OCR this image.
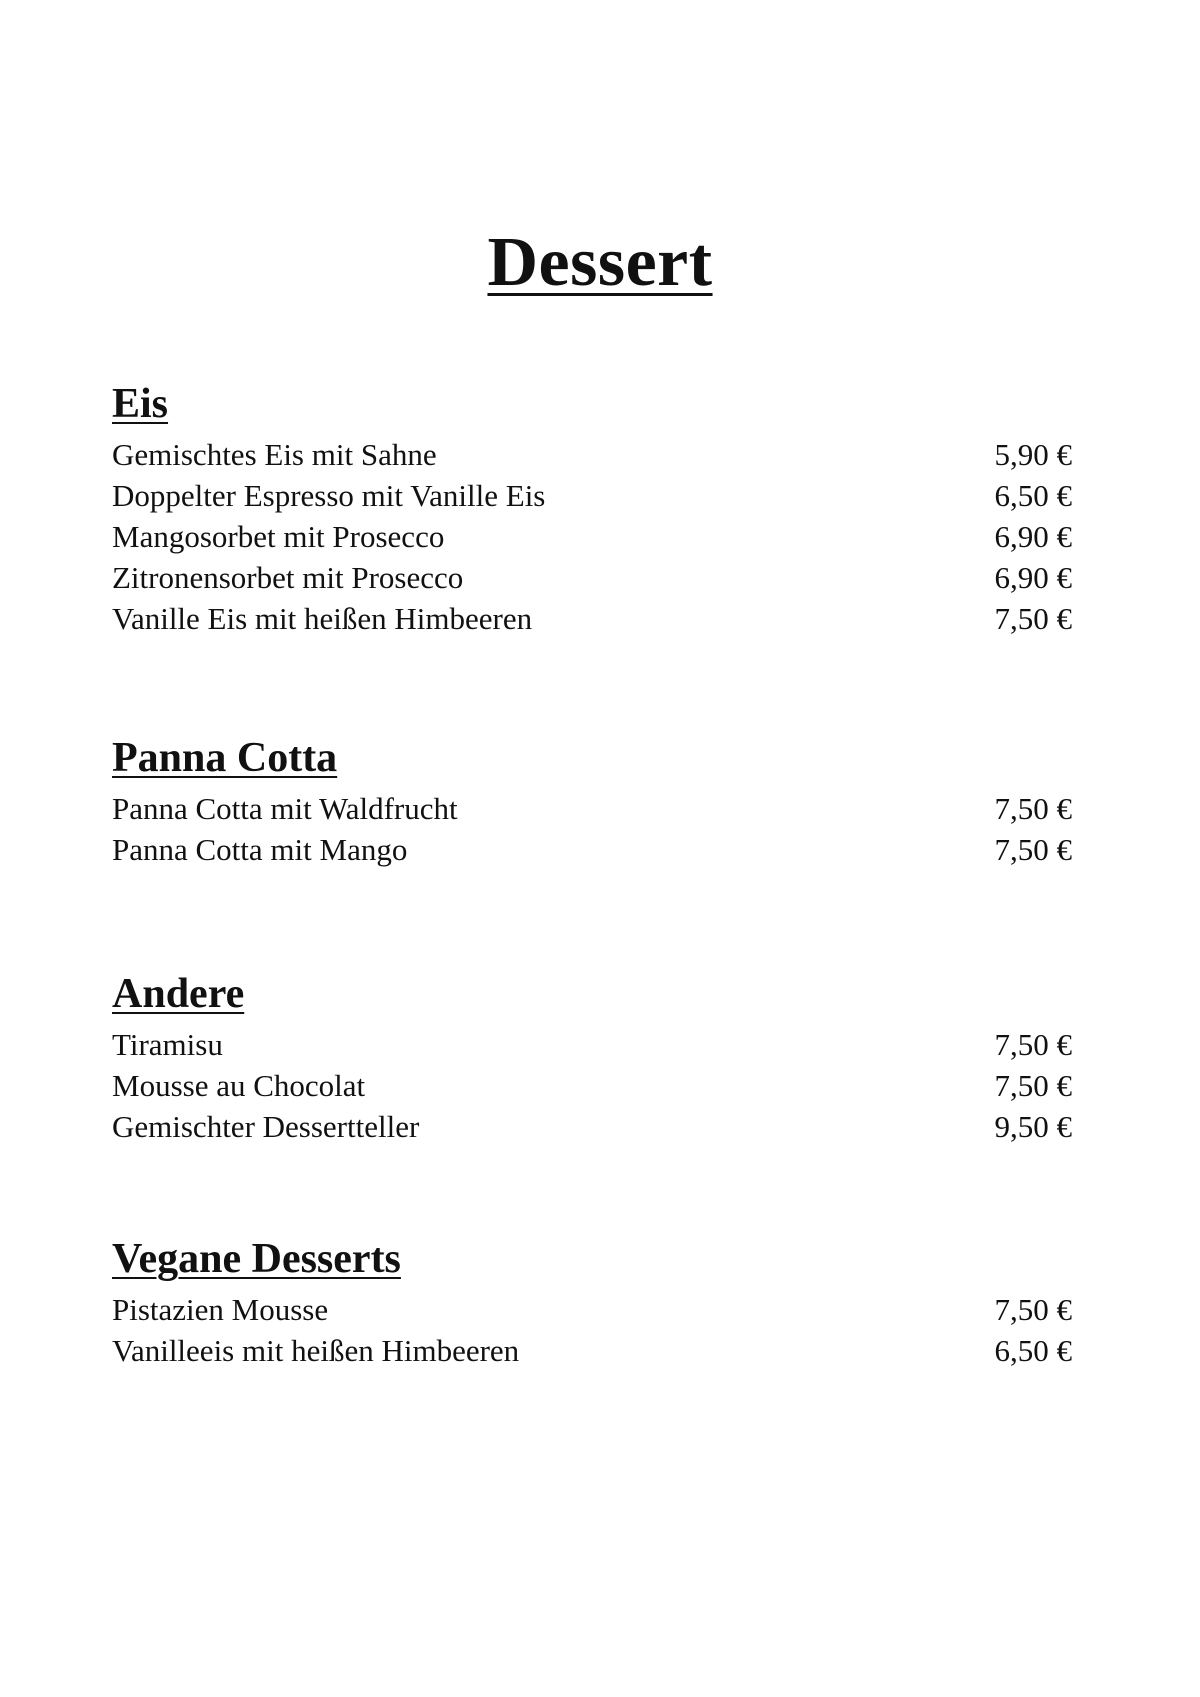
Dessert
Eis
Gemischtes Eis mit Sahne	5,90 €
Doppelter Espresso mit Vanille Eis	6,50 €
Mangosorbet mit Prosecco	6,90 €
Zitronensorbet mit Prosecco	6,90 €
Vanille Eis mit heißen Himbeeren	7,50 €
Panna Cotta
Panna Cotta mit Waldfrucht	7,50 €
Panna Cotta mit Mango	7,50 €
Andere
Tiramisu	7,50 €
Mousse au Chocolat	7,50 €
Gemischter Dessertteller	9,50 €
Vegane Desserts
Pistazien Mousse	7,50 €
Vanilleeis mit heißen Himbeeren	6,50 €
